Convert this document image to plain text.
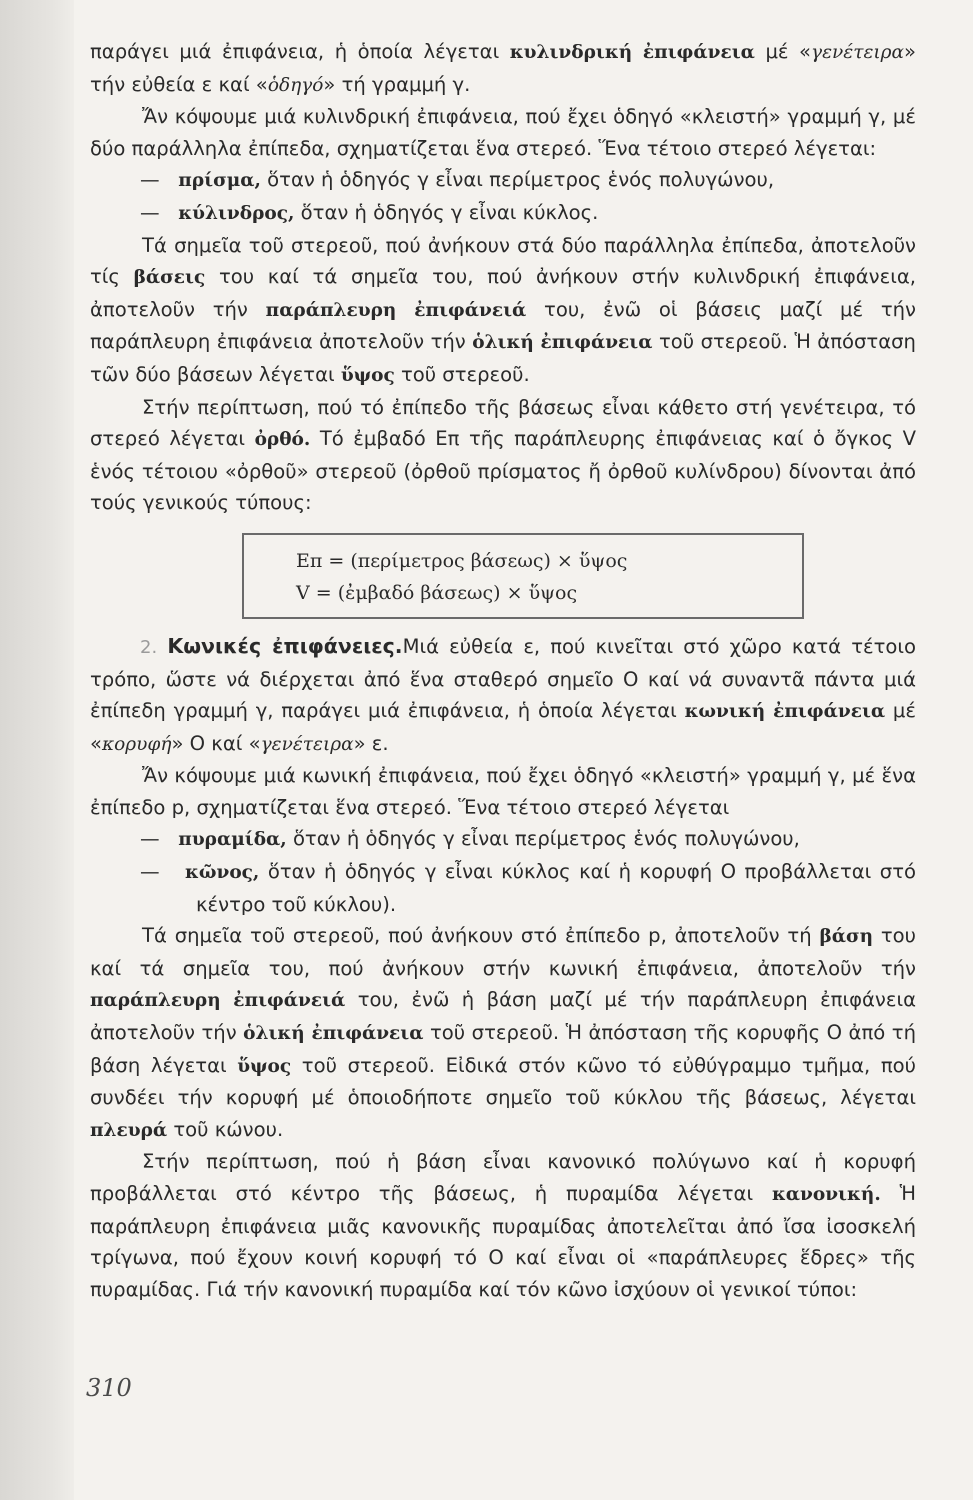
παράγει μιά ἐπιφάνεια, ἡ ὁποία λέγεται κυλινδρική ἐπιφάνεια μέ «γενέτειρα» τήν εὐθεία ε καί «ὁδηγό» τή γραμμή γ.

Ἄν κόψουμε μιά κυλινδρική ἐπιφάνεια, πού ἔχει ὁδηγό «κλειστή» γραμμή γ, μέ δύο παράλληλα ἐπίπεδα, σχηματίζεται ἕνα στερεό. Ἕνα τέτοιο στερεό λέγεται:

— πρίσμα, ὅταν ἡ ὁδηγός γ εἶναι περίμετρος ἑνός πολυγώνου,

— κύλινδρος, ὅταν ἡ ὁδηγός γ εἶναι κύκλος.

Τά σημεῖα τοῦ στερεοῦ, πού ἀνήκουν στά δύο παράλληλα ἐπίπεδα, ἀποτελοῦν τίς βάσεις του καί τά σημεῖα του, πού ἀνήκουν στήν κυλινδρική ἐπιφάνεια, ἀποτελοῦν τήν παράπλευρη ἐπιφάνειά του, ἐνῶ οἱ βάσεις μαζί μέ τήν παράπλευρη ἐπιφάνεια ἀποτελοῦν τήν ὁλική ἐπιφάνεια τοῦ στερεοῦ. Ἡ ἀπόσταση τῶν δύο βάσεων λέγεται ὕψος τοῦ στερεοῦ.

Στήν περίπτωση, πού τό ἐπίπεδο τῆς βάσεως εἶναι κάθετο στή γενέτειρα, τό στερεό λέγεται ὀρθό. Τό ἐμβαδό Eπ τῆς παράπλευρης ἐπιφάνειας καί ὁ ὄγκος V ἑνός τέτοιου «ὀρθοῦ» στερεοῦ (ὀρθοῦ πρίσματος ἤ ὀρθοῦ κυλίνδρου) δίνονται ἀπό τούς γενικούς τύπους:

Eπ = (περίμετρος βάσεως) × ὕψος
V = (ἐμβαδό βάσεως) × ὕψος

2. Κωνικές ἐπιφάνειες.Μιά εὐθεία ε, πού κινεῖται στό χῶρο κατά τέτοιο τρόπο, ὥστε νά διέρχεται ἀπό ἕνα σταθερό σημεῖο O καί νά συναντᾶ πάντα μιά ἐπίπεδη γραμμή γ, παράγει μιά ἐπιφάνεια, ἡ ὁποία λέγεται κωνική ἐπιφάνεια μέ «κορυφή» O καί «γενέτειρα» ε.

Ἄν κόψουμε μιά κωνική ἐπιφάνεια, πού ἔχει ὁδηγό «κλειστή» γραμμή γ, μέ ἕνα ἐπίπεδο p, σχηματίζεται ἕνα στερεό. Ἕνα τέτοιο στερεό λέγεται

— πυραμίδα, ὅταν ἡ ὁδηγός γ εἶναι περίμετρος ἑνός πολυγώνου,

— κῶνος, ὅταν ἡ ὁδηγός γ εἶναι κύκλος καί ἡ κορυφή O προβάλλεται στό κέντρο τοῦ κύκλου).

Τά σημεῖα τοῦ στερεοῦ, πού ἀνήκουν στό ἐπίπεδο p, ἀποτελοῦν τή βάση του καί τά σημεῖα του, πού ἀνήκουν στήν κωνική ἐπιφάνεια, ἀποτελοῦν τήν παράπλευρη ἐπιφάνειά του, ἐνῶ ἡ βάση μαζί μέ τήν παράπλευρη ἐπιφάνεια ἀποτελοῦν τήν ὁλική ἐπιφάνεια τοῦ στερεοῦ. Ἡ ἀπόσταση τῆς κορυφῆς O ἀπό τή βάση λέγεται ὕψος τοῦ στερεοῦ. Εἰδικά στόν κῶνο τό εὐθύγραμμο τμῆμα, πού συνδέει τήν κορυφή μέ ὁποιοδήποτε σημεῖο τοῦ κύκλου τῆς βάσεως, λέγεται πλευρά τοῦ κώνου.

Στήν περίπτωση, πού ἡ βάση εἶναι κανονικό πολύγωνο καί ἡ κορυφή προβάλλεται στό κέντρο τῆς βάσεως, ἡ πυραμίδα λέγεται κανονική. Ἡ παράπλευρη ἐπιφάνεια μιᾶς κανονικῆς πυραμίδας ἀποτελεῖται ἀπό ἴσα ἰσοσκελή τρίγωνα, πού ἔχουν κοινή κορυφή τό O καί εἶναι οἱ «παράπλευρες ἕδρες» τῆς πυραμίδας. Γιά τήν κανονική πυραμίδα καί τόν κῶνο ἰσχύουν οἱ γενικοί τύποι:

310
